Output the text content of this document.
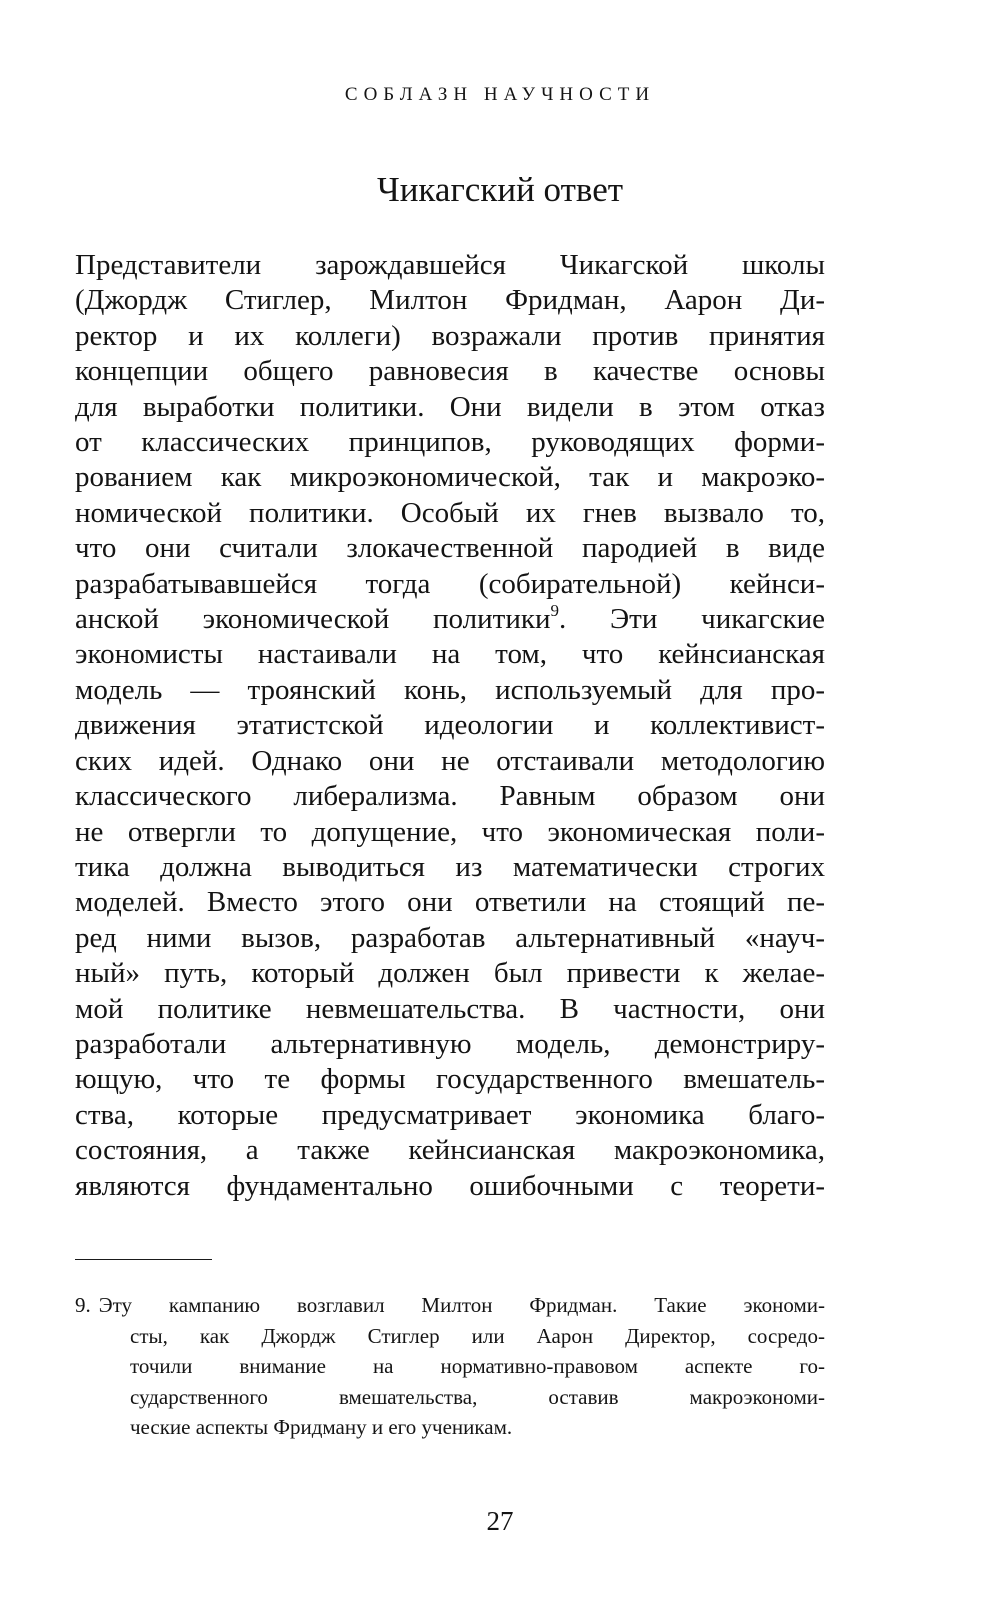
СОБЛАЗН НАУЧНОСТИ
Чикагский ответ
Представители зарождавшейся Чикагской школы
(Джордж Стиглер, Милтон Фридман, Аарон Ди-
ректор и их коллеги) возражали против принятия
концепции общего равновесия в качестве основы
для выработки политики. Они видели в этом отказ
от классических принципов, руководящих форми-
рованием как микроэкономической, так и макроэко-
номической политики. Особый их гнев вызвало то,
что они считали злокачественной пародией в виде
разрабатывавшейся тогда (собирательной) кейнси-
анской экономической политики$^9$. Эти чикагские
экономисты настаивали на том, что кейнсианская
модель — троянский конь, используемый для про-
движения этатистской идеологии и коллективист-
ских идей. Однако они не отстаивали методологию
классического либерализма. Равным образом они
не отвергли то допущение, что экономическая поли-
тика должна выводиться из математически строгих
моделей. Вместо этого они ответили на стоящий пе-
ред ними вызов, разработав альтернативный «науч-
ный» путь, который должен был привести к желае-
мой политике невмешательства. В частности, они
разработали альтернативную модель, демонстриру-
ющую, что те формы государственного вмешатель-
ства, которые предусматривает экономика благо-
состояния, а также кейнсианская макроэкономика,
являются фундаментально ошибочными с теорети-
9. Эту кампанию возглавил Милтон Фридман. Такие экономи-
сты, как Джордж Стиглер или Аарон Директор, сосредо-
точили внимание на нормативно-правовом аспекте го-
сударственного вмешательства, оставив макроэкономи-
ческие аспекты Фридману и его ученикам.
27
